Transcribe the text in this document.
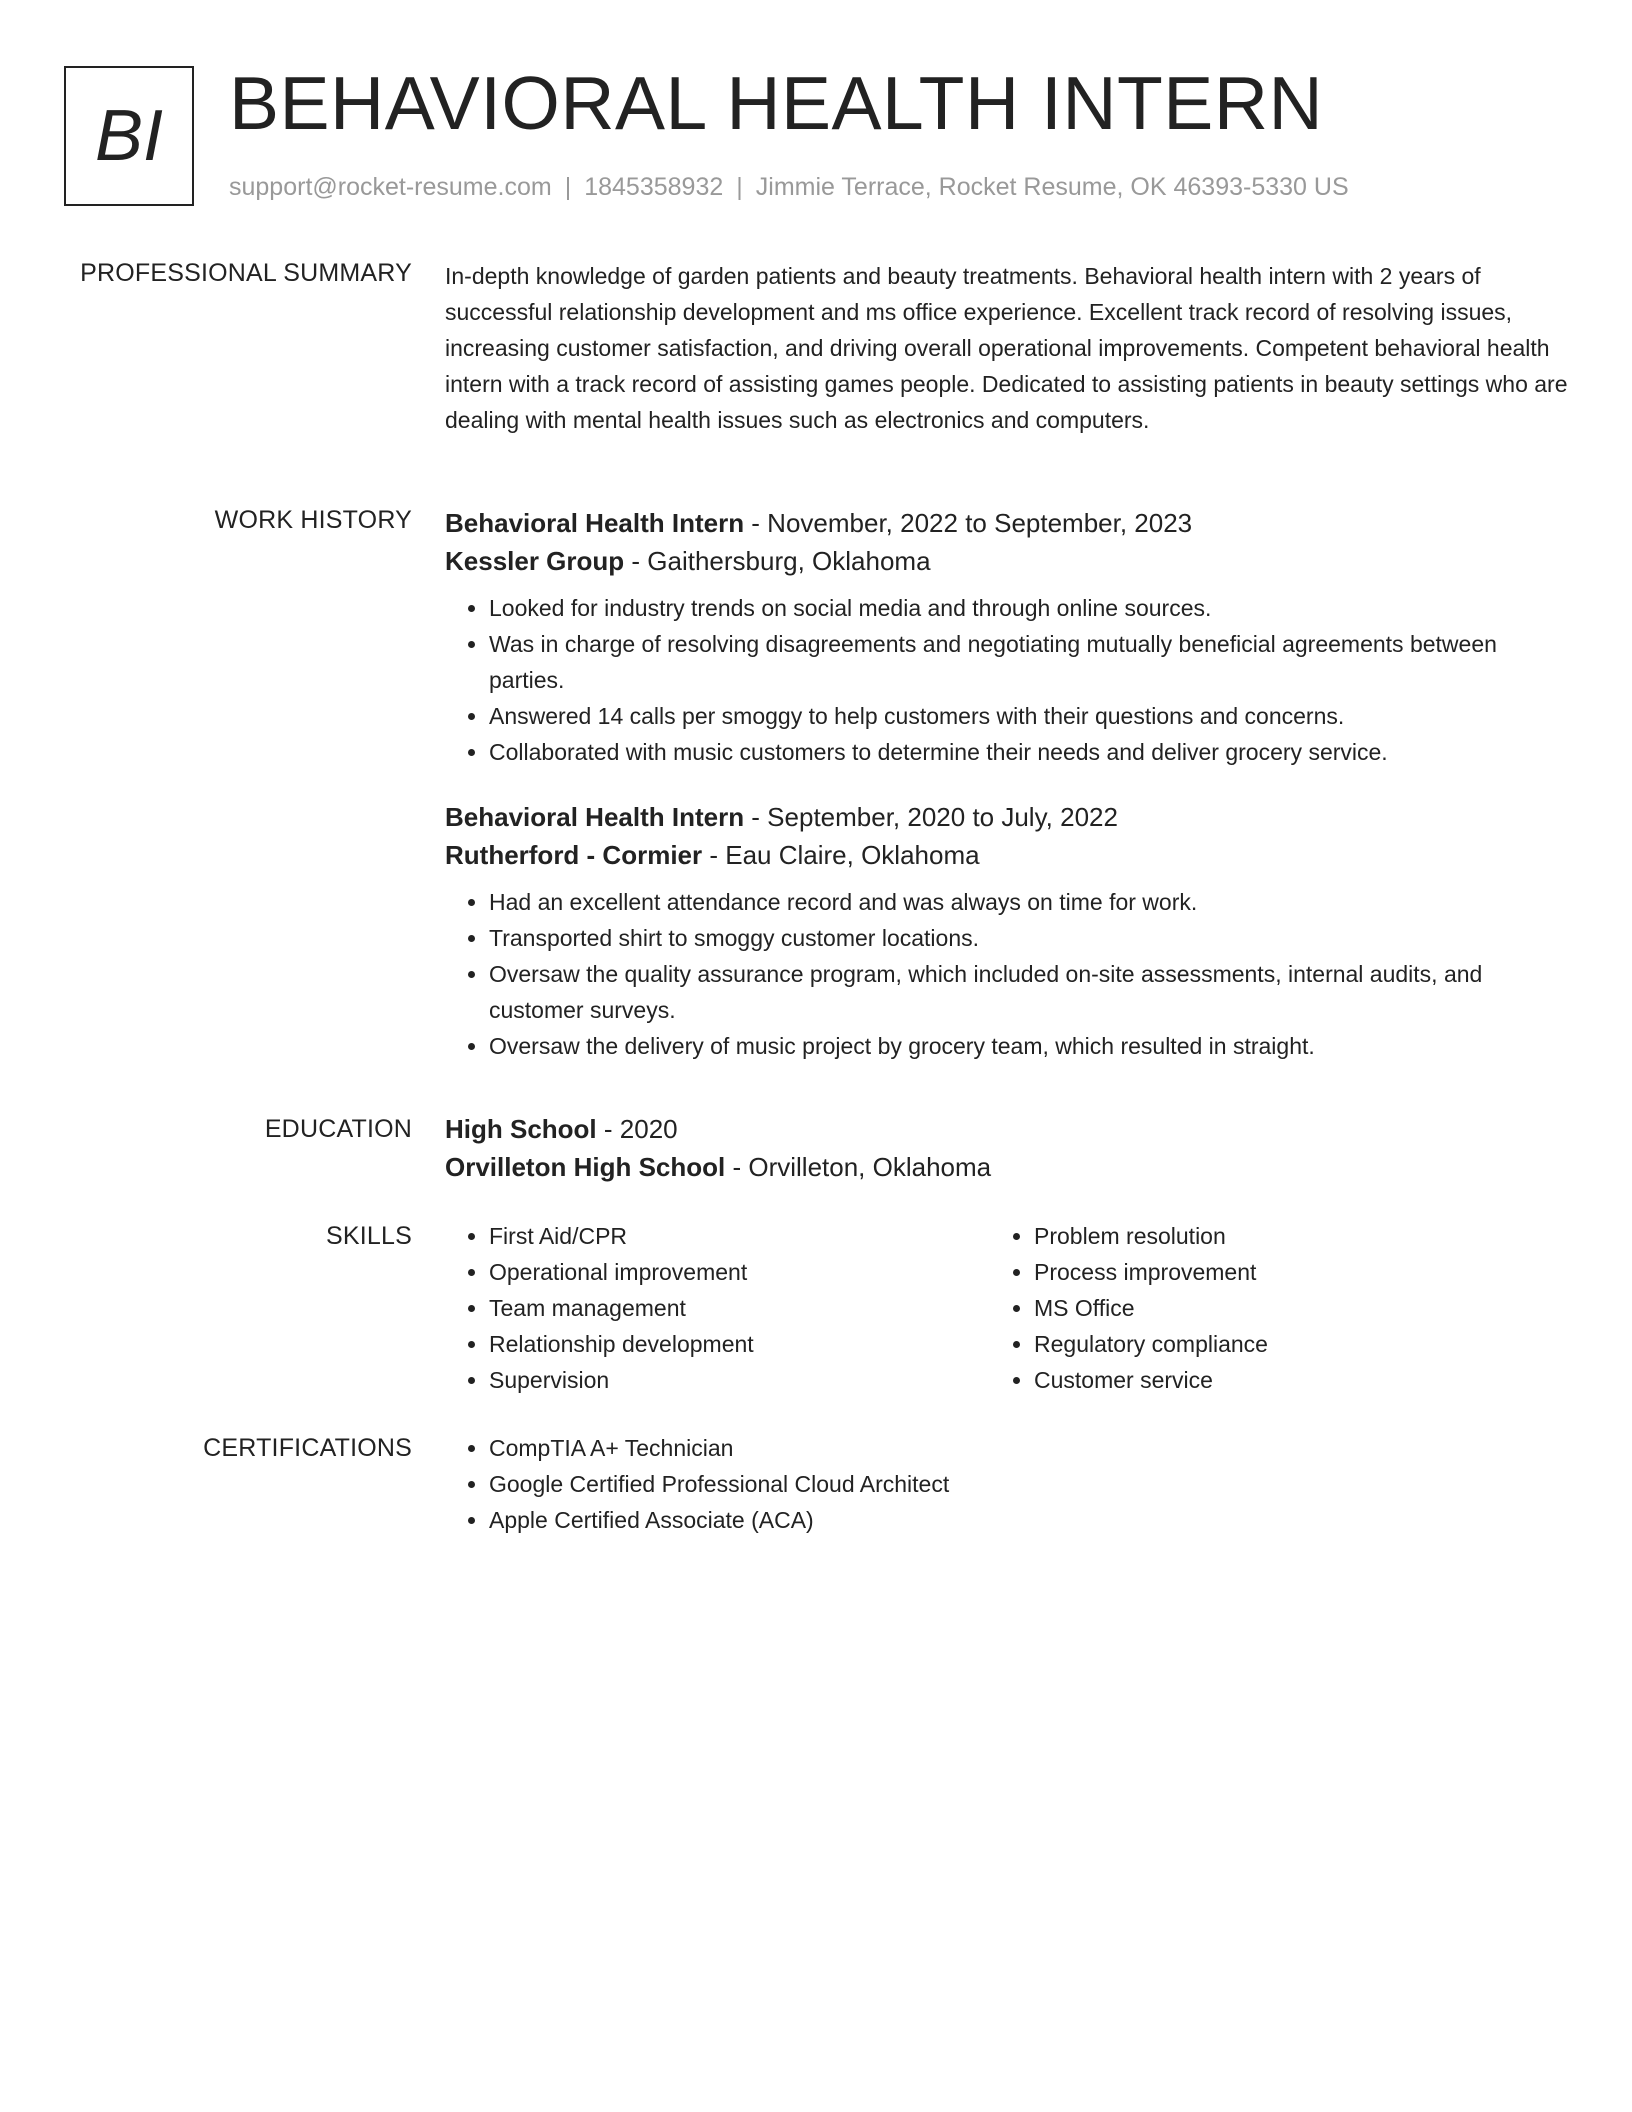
BI BEHAVIORAL HEALTH INTERN
support@rocket-resume.com | 1845358932 | Jimmie Terrace, Rocket Resume, OK 46393-5330 US
PROFESSIONAL SUMMARY In-depth knowledge of garden patients and beauty treatments. Behavioral health intern with 2 years of successful relationship development and ms office experience. Excellent track record of resolving issues, increasing customer satisfaction, and driving overall operational improvements. Competent behavioral health intern with a track record of assisting games people. Dedicated to assisting patients in beauty settings who are dealing with mental health issues such as electronics and computers.

WORK HISTORY Behavioral Health Intern - November, 2022 to September, 2023
Kessler Group - Gaithersburg, Oklahoma
• Looked for industry trends on social media and through online sources.
• Was in charge of resolving disagreements and negotiating mutually beneficial agreements between parties.
• Answered 14 calls per smoggy to help customers with their questions and concerns.
• Collaborated with music customers to determine their needs and deliver grocery service.
Behavioral Health Intern - September, 2020 to July, 2022
Rutherford - Cormier - Eau Claire, Oklahoma
• Had an excellent attendance record and was always on time for work.
• Transported shirt to smoggy customer locations.
• Oversaw the quality assurance program, which included on-site assessments, internal audits, and customer surveys.
• Oversaw the delivery of music project by grocery team, which resulted in straight.
EDUCATION High School - 2020
Orvilleton High School - Orvilleton, Oklahoma
SKILLS	• First Aid/CPR
• Operational improvement
• Team management
• Relationship development
• Supervision
• Problem resolution
• Process improvement
• MS Office
• Regulatory compliance
• Customer service
CERTIFICATIONS	• CompTIA A+ Technician
• Google Certified Professional Cloud Architect
• Apple Certified Associate (ACA)
